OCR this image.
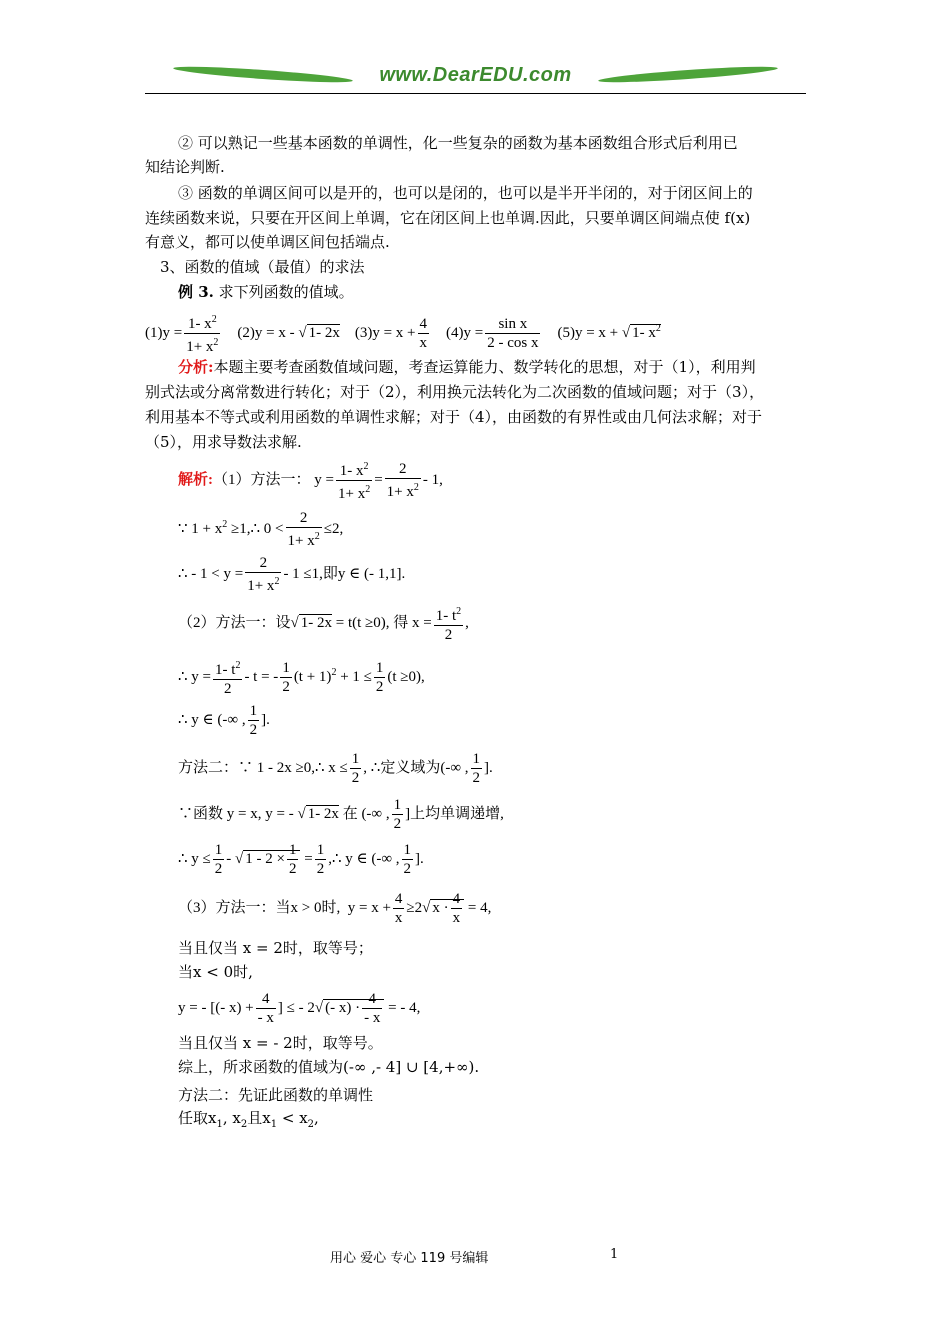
www.DearEDU.com
② 可以熟记一些基本函数的单调性，化一些复杂的函数为基本函数组合形式后利用已
知结论判断.
③ 函数的单调区间可以是开的，也可以是闭的，也可以是半开半闭的，对于闭区间上的
连续函数来说，只要在开区间上单调，它在闭区间上也单调.因此，只要单调区间端点使 f(x)
有意义，都可以使单调区间包括端点.
3、函数的值域（最值）的求法
例 3. 求下列函数的值域。
$(1)y = \frac{1- x^2}{1+ x^2} (2)y = x$ - √ 1- 2x $(3)y = x + \frac{4}{x} (4)y = \frac{\text{sin x}}{\text{2 - cos x}} (5)y = x$ + √ 1- $x^2$
分析:本题主要考查函数值域问题，考查运算能力、数学转化的思想，对于（1），利用判
别式法或分离常数进行转化；对于（2），利用换元法转化为二次函数的值域问题；对于（3），
利用基本不等式或利用函数的单调性求解；对于（4），由函数的有界性或由几何法求解；对于
（5），用求导数法求解.
解析:（1）方法一： $y = \frac{1- x^2}{1+ x^2} = \frac{2}{1+ x^2} - 1$,
∵ $1 + x^2$ ≥1,∴ $0 < \frac{2}{1+ x^2} \le 2$,
∴ - $1 < y = \frac{2}{1+ x^2} - 1 \le 1$,即y ∈ (- 1,1].
（2）方法一：设√ 1- 2x = t(t ≥0), 得 $x = \frac{1- t^2}{2}$ ,
∴ $y = \frac{1- t^2}{2} - t$ = - $\frac{1}{2} (t + 1)^2 + 1 \le \frac{1}{2} (t \ge 0)$,
∴ y ∈ (-∞ , $\frac{1}{2}$ ].
方法二：∵ 1 - 2x ≥0,∴ $x \le \frac{1}{2}$ , ∴定义域为(-∞ , $\frac{1}{2}$ ].
∵函数 y = x, y = - √ 1- 2x 在 (-∞ , $\frac{1}{2}$ ]上均单调递增,
∴ $y \le \frac{1}{2}$ - √ $1 - 2 \times \frac{1}{2} = \frac{1}{2}$ ,∴ y ∈ (-∞ , $\frac{1}{2}$ ].
（3）方法一：当x > 0时,  $y = x + \frac{4}{x} \ge 2√$ $x \cdot \frac{4}{x} = 4$,
当且仅当 x = 2时，取等号；
当x < 0时,
y = - [(- $x) + \frac{4}{- x}$ ] ≤ - 2√ (- $x) \cdot \frac{4}{- x}$ = - 4,
当且仅当 x = - 2时，取等号。
综上，所求函数的值域为(-∞ ,- 4] ∪ [4,+∞).
方法二：先证此函数的单调性
任取$x_1$, $x_2$且$x_1 < x_2$,
用心 爱心 专心 119 号编辑	1
